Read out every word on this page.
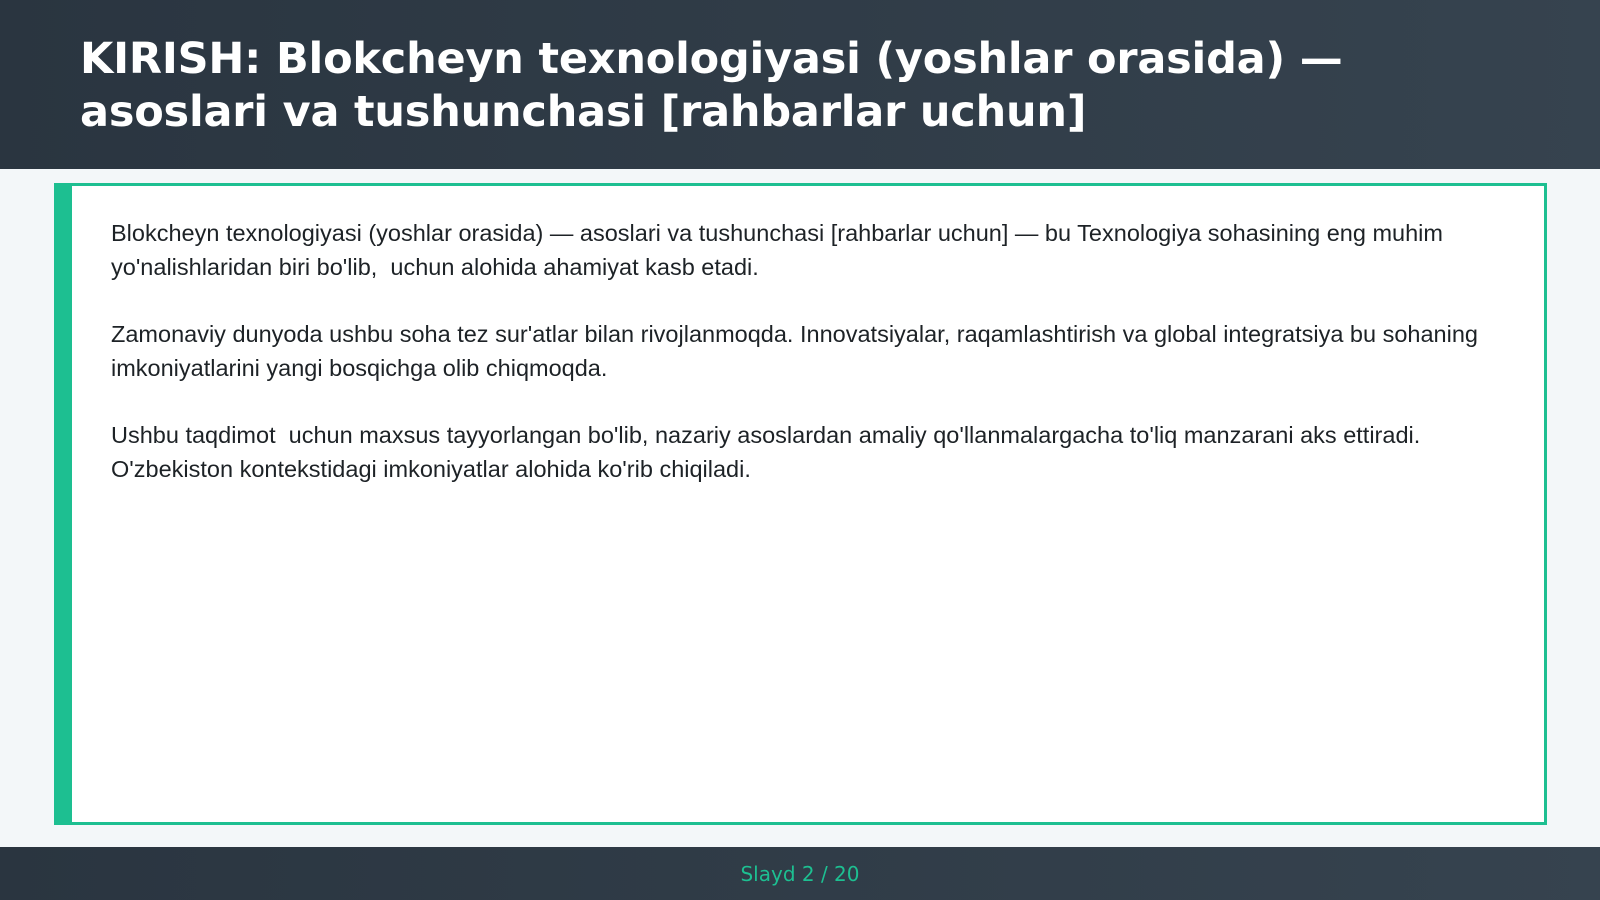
KIRISH: Blokcheyn texnologiyasi (yoshlar orasida) — asoslari va tushunchasi [rahbarlar uchun]

Blokcheyn texnologiyasi (yoshlar orasida) — asoslari va tushunchasi [rahbarlar uchun] — bu Texnologiya sohasining eng muhim yo'nalishlaridan biri bo'lib,  uchun alohida ahamiyat kasb etadi.

Zamonaviy dunyoda ushbu soha tez sur'atlar bilan rivojlanmoqda. Innovatsiyalar, raqamlashtirish va global integratsiya bu sohaning imkoniyatlarini yangi bosqichga olib chiqmoqda.

Ushbu taqdimot  uchun maxsus tayyorlangan bo'lib, nazariy asoslardan amaliy qo'llanmalargacha to'liq manzarani aks ettiradi. O'zbekiston kontekstidagi imkoniyatlar alohida ko'rib chiqiladi.

Slayd 2 / 20
